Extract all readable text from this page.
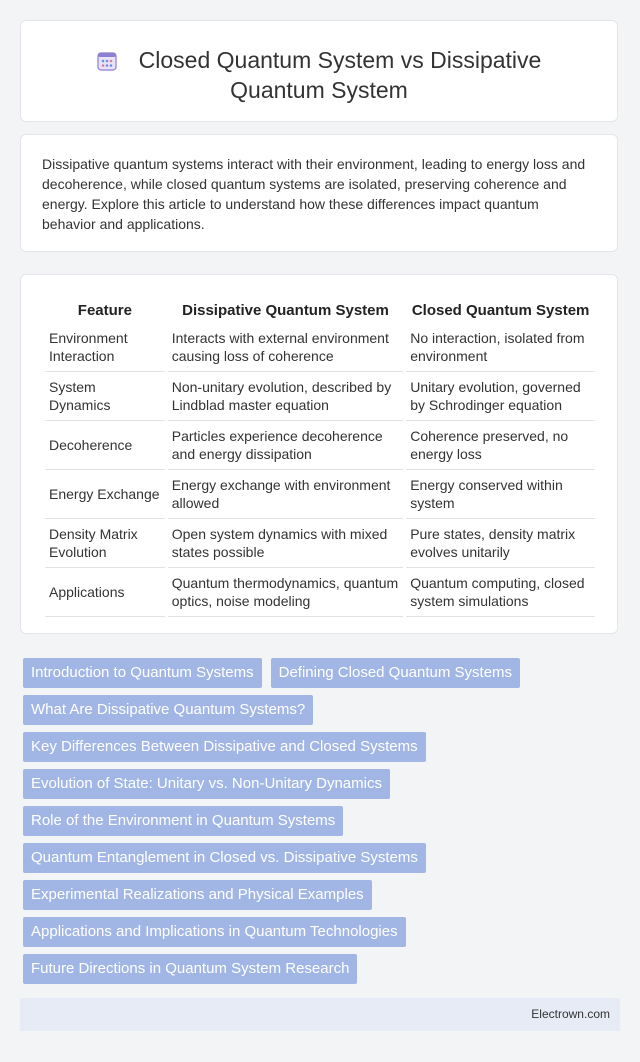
Closed Quantum System vs Dissipative Quantum System

Dissipative quantum systems interact with their environment, leading to energy loss and decoherence, while closed quantum systems are isolated, preserving coherence and energy. Explore this article to understand how these differences impact quantum behavior and applications.

Feature	Dissipative Quantum System	Closed Quantum System
Environment Interaction	Interacts with external environment causing loss of coherence	No interaction, isolated from environment
System Dynamics	Non-unitary evolution, described by Lindblad master equation	Unitary evolution, governed by Schrodinger equation
Decoherence	Particles experience decoherence and energy dissipation	Coherence preserved, no energy loss
Energy Exchange	Energy exchange with environment allowed	Energy conserved within system
Density Matrix Evolution	Open system dynamics with mixed states possible	Pure states, density matrix evolves unitarily
Applications	Quantum thermodynamics, quantum optics, noise modeling	Quantum computing, closed system simulations
Introduction to Quantum Systems	Defining Closed Quantum Systems
What Are Dissipative Quantum Systems?
Key Differences Between Dissipative and Closed Systems
Evolution of State: Unitary vs. Non-Unitary Dynamics
Role of the Environment in Quantum Systems
Quantum Entanglement in Closed vs. Dissipative Systems
Experimental Realizations and Physical Examples
Applications and Implications in Quantum Technologies
Future Directions in Quantum System Research
Electrown.com
